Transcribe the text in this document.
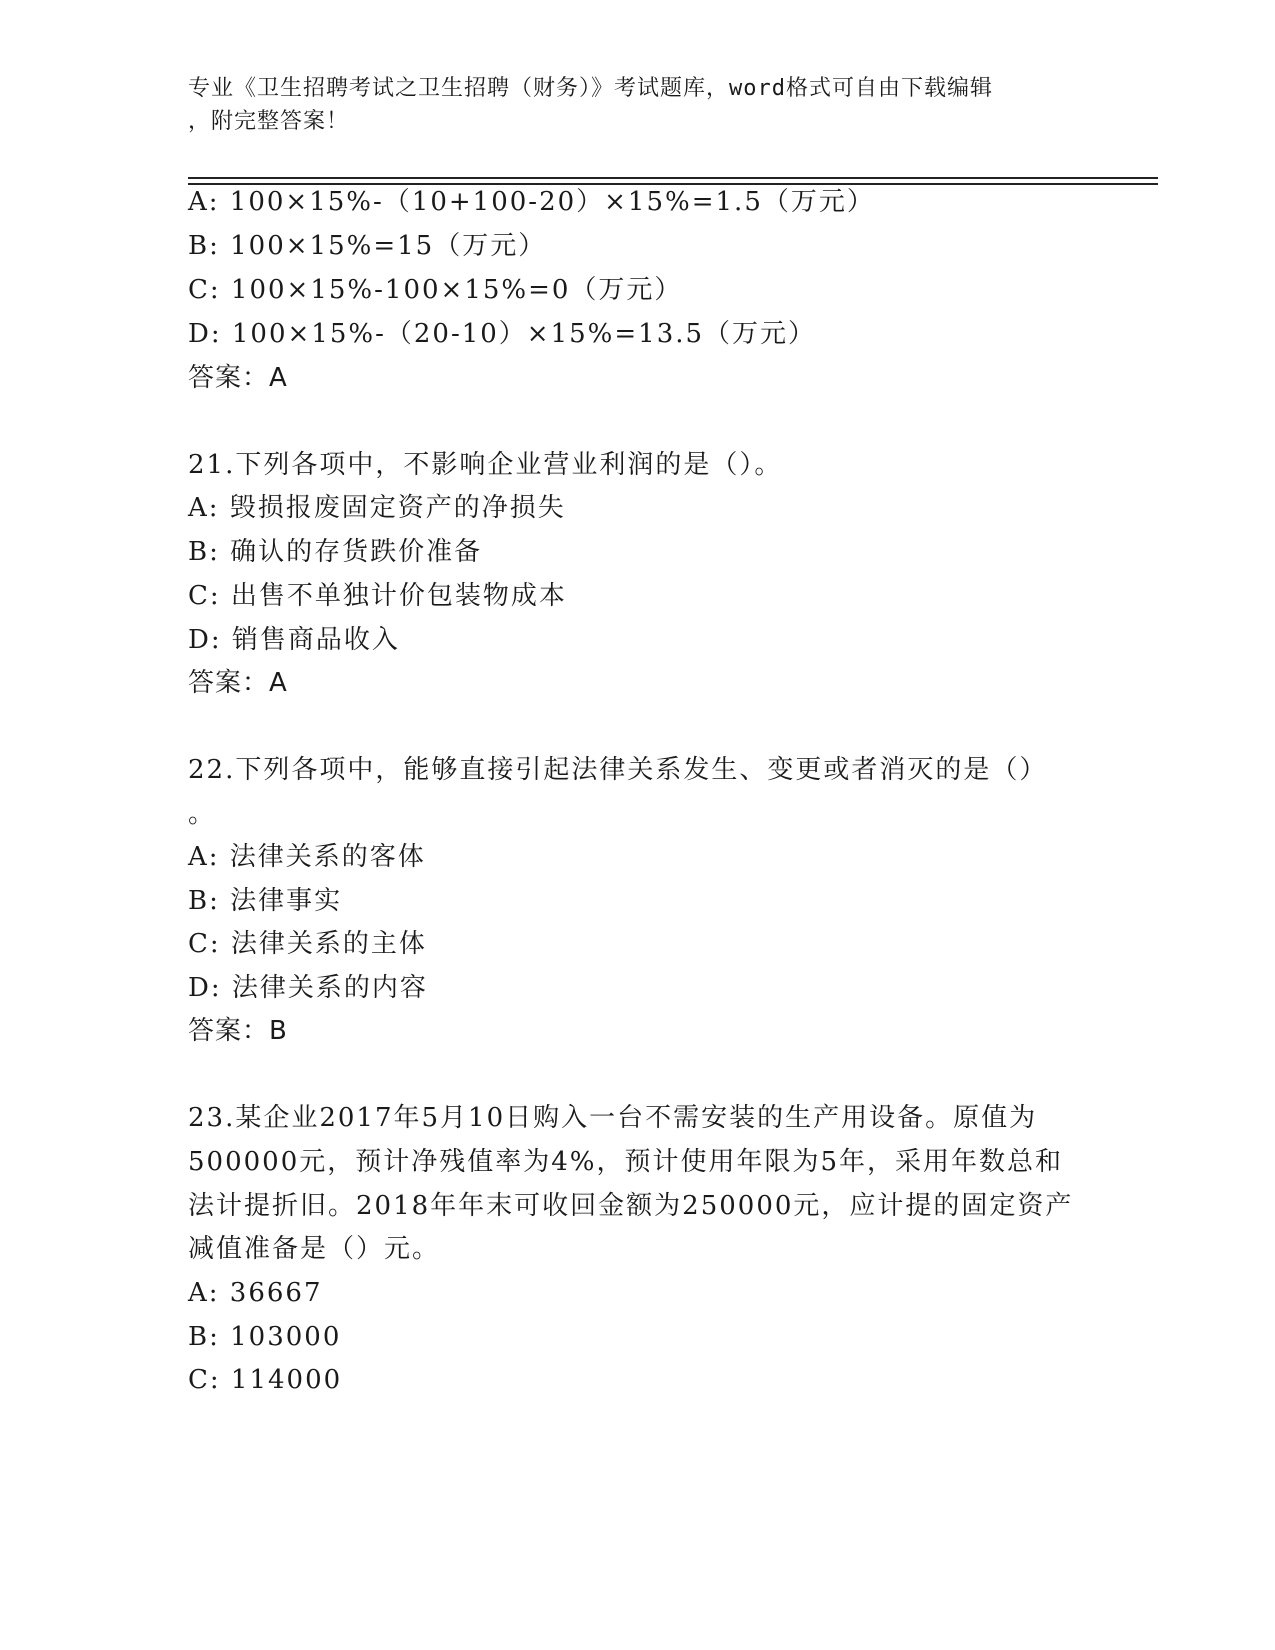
专业《卫生招聘考试之卫生招聘（财务）》考试题库，word格式可自由下载编辑
，附完整答案！
A: 100×15%-（10+100-20）×15%=1.5（万元）
B: 100×15%=15（万元）
C: 100×15%-100×15%=0（万元）
D: 100×15%-（20-10）×15%=13.5（万元）
答案：A
21.下列各项中，不影响企业营业利润的是（）。
A: 毁损报废固定资产的净损失
B: 确认的存货跌价准备
C: 出售不单独计价包装物成本
D: 销售商品收入
答案：A
22.下列各项中，能够直接引起法律关系发生、变更或者消灭的是（）
。
A: 法律关系的客体
B: 法律事实
C: 法律关系的主体
D: 法律关系的内容
答案：B
23.某企业2017年5月10日购入一台不需安装的生产用设备。原值为
500000元，预计净残值率为4%，预计使用年限为5年，采用年数总和
法计提折旧。2018年年末可收回金额为250000元，应计提的固定资产
减值准备是（）元。
A: 36667
B: 103000
C: 114000
